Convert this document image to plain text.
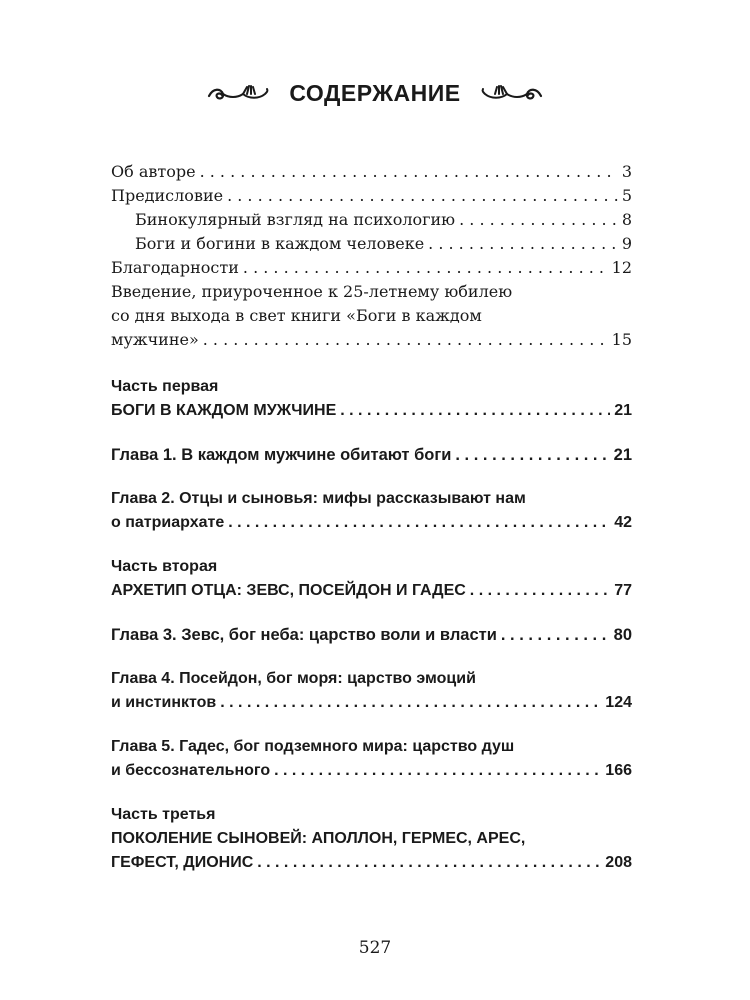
СОДЕРЖАНИЕ
Об авторе . . .	3
Предисловие . . .	5
Бинокулярный взгляд на психологию . . .	8
Боги и богини в каждом человеке . . .	9
Благодарности . . .	12
Введение, приуроченное к 25-летнему юбилею
со дня выхода в свет книги «Боги в каждом
мужчине» . . .	15
Часть первая
БОГИ В КАЖДОМ МУЖЧИНЕ . . .	21
Глава 1. В каждом мужчине обитают боги . . .	21
Глава 2. Отцы и сыновья: мифы рассказывают нам
о патриархате . . .	42
Часть вторая
АРХЕТИП ОТЦА: ЗЕВС, ПОСЕЙДОН И ГАДЕС . . .	77
Глава 3. Зевс, бог неба: царство воли и власти . . .	80
Глава 4. Посейдон, бог моря: царство эмоций
и инстинктов . . .	124
Глава 5. Гадес, бог подземного мира: царство душ
и бессознательного . . .	166
Часть третья
ПОКОЛЕНИЕ СЫНОВЕЙ: АПОЛЛОН, ГЕРМЕС, АРЕС,
ГЕФЕСТ, ДИОНИС . . .	208
527
